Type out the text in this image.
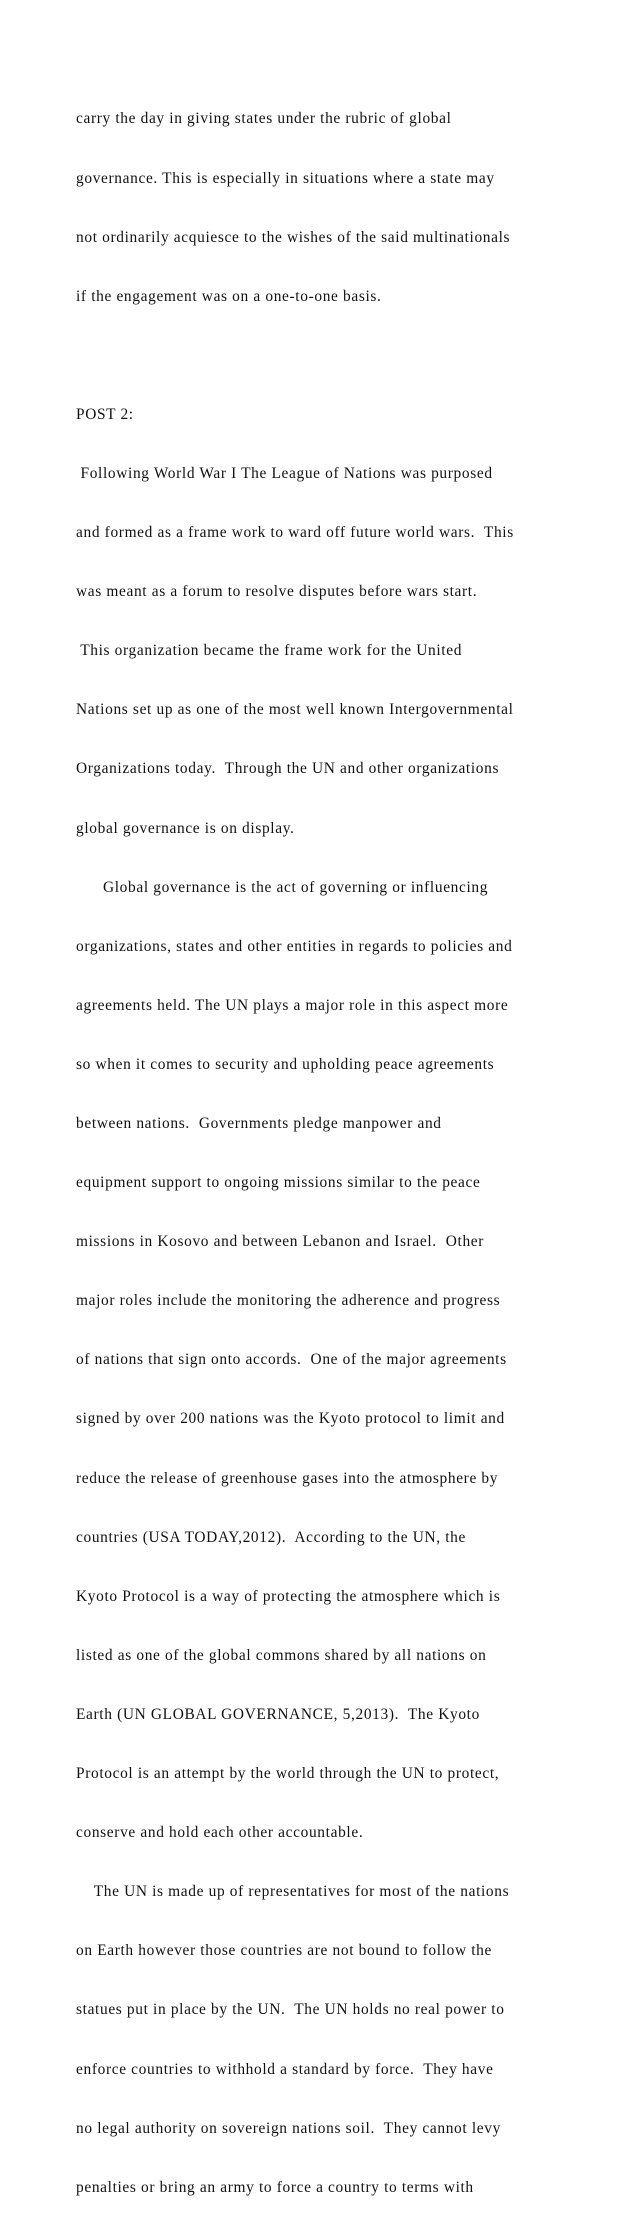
carry the day in giving states under the rubric of global

governance. This is especially in situations where a state may

not ordinarily acquiesce to the wishes of the said multinationals

if the engagement was on a one-to-one basis.

POST 2:

Following World War I The League of Nations was purposed

and formed as a frame work to ward off future world wars.  This

was meant as a forum to resolve disputes before wars start.

This organization became the frame work for the United

Nations set up as one of the most well known Intergovernmental

Organizations today.  Through the UN and other organizations

global governance is on display.

Global governance is the act of governing or influencing

organizations, states and other entities in regards to policies and

agreements held. The UN plays a major role in this aspect more

so when it comes to security and upholding peace agreements

between nations.  Governments pledge manpower and

equipment support to ongoing missions similar to the peace

missions in Kosovo and between Lebanon and Israel.  Other

major roles include the monitoring the adherence and progress

of nations that sign onto accords.  One of the major agreements

signed by over 200 nations was the Kyoto protocol to limit and

reduce the release of greenhouse gases into the atmosphere by

countries (USA TODAY,2012).  According to the UN, the

Kyoto Protocol is a way of protecting the atmosphere which is

listed as one of the global commons shared by all nations on

Earth (UN GLOBAL GOVERNANCE, 5,2013).  The Kyoto

Protocol is an attempt by the world through the UN to protect,

conserve and hold each other accountable.

The UN is made up of representatives for most of the nations

on Earth however those countries are not bound to follow the

statues put in place by the UN.  The UN holds no real power to

enforce countries to withhold a standard by force.  They have

no legal authority on sovereign nations soil.  They cannot levy

penalties or bring an army to force a country to terms with
